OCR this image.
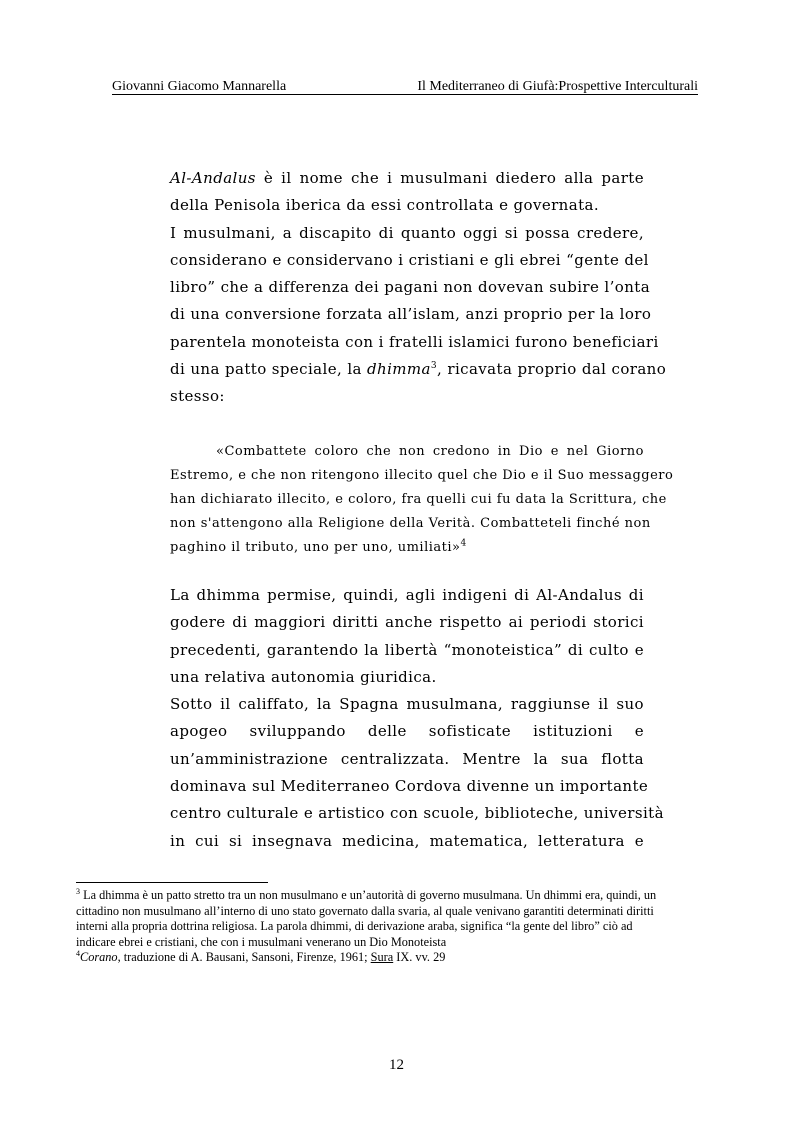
Giovanni Giacomo Mannarella	Il Mediterraneo di Giufà:Prospettive Interculturali
Al-Andalus è il nome che i musulmani diedero alla parte
della Penisola iberica da essi controllata e governata.
I musulmani, a discapito di quanto oggi si possa credere,
considerano e considervano i cristiani e gli ebrei “gente del
libro” che a differenza dei pagani non dovevan subire l’onta
di una conversione forzata all’islam, anzi proprio per la loro
parentela monoteista con i fratelli islamici furono beneficiari
di una patto speciale, la dhimma$^3$, ricavata proprio dal corano
stesso:
«Combattete coloro che non credono in Dio e nel Giorno
Estremo, e che non ritengono illecito quel che Dio e il Suo messaggero
han dichiarato illecito, e coloro, fra quelli cui fu data la Scrittura, che
non s'attengono alla Religione della Verità. Combatteteli finché non
paghino il tributo, uno per uno, umiliati»$^4$
La dhimma permise, quindi, agli indigeni di Al-Andalus di
godere di maggiori diritti anche rispetto ai periodi storici
precedenti, garantendo la libertà “monoteistica” di culto e
una relativa autonomia giuridica.
Sotto il califfato, la Spagna musulmana, raggiunse il suo
apogeo sviluppando delle sofisticate istituzioni e
un’amministrazione centralizzata. Mentre la sua flotta
dominava sul Mediterraneo Cordova divenne un importante
centro culturale e artistico con scuole, biblioteche, università
in cui si insegnava medicina, matematica, letteratura e
$^3$ La dhimma è un patto stretto tra un non musulmano e un’autorità di governo musulmana. Un dhimmi era, quindi, un
cittadino non musulmano all’interno di uno stato governato dalla svaria, al quale venivano garantiti determinati diritti
interni alla propria dottrina religiosa. La parola dhimmi, di derivazione araba, significa “la gente del libro” ciò ad
indicare ebrei e cristiani, che con i musulmani venerano un Dio Monoteista
$^4$Corano, traduzione di A. Bausani, Sansoni, Firenze, 1961; Sura IX. vv. 29
12
